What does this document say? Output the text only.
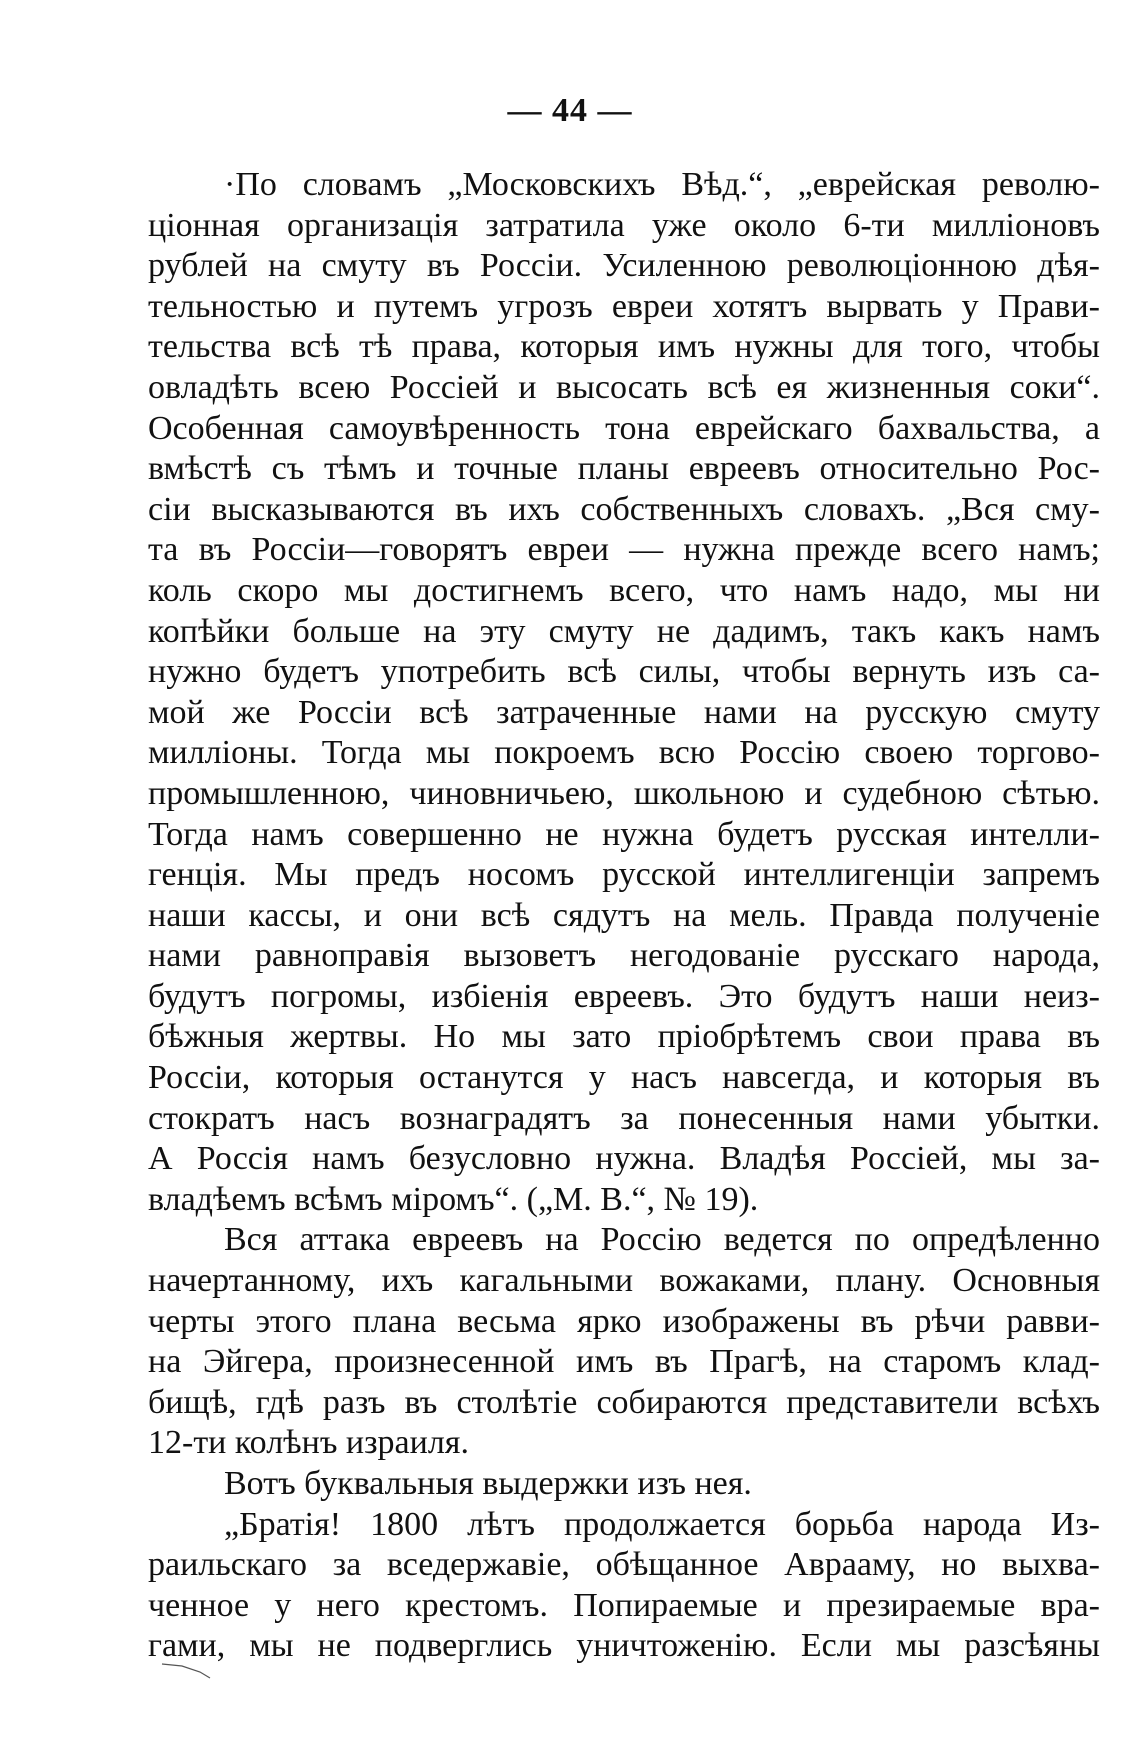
— 44 —
·По словамъ „Московскихъ Вѣд.“, „еврейская револю-
ціонная организація затратила уже около 6-ти милліоновъ
рублей на смуту въ Россіи. Усиленною революціонною дѣя-
тельностью и путемъ угрозъ евреи хотятъ вырвать у Прави-
тельства всѣ тѣ права, которыя имъ нужны для того, чтобы
овладѣть всею Россіей и высосать всѣ ея жизненныя соки“.
Особенная самоувѣренность тона еврейскаго бахвальства, а
вмѣстѣ съ тѣмъ и точные планы евреевъ относительно Рос-
сіи высказываются въ ихъ собственныхъ словахъ. „Вся сму-
та въ Россіи—говорятъ евреи — нужна прежде всего намъ;
коль скоро мы достигнемъ всего, что намъ надо, мы ни
копѣйки больше на эту смуту не дадимъ, такъ какъ намъ
нужно будетъ употребить всѣ силы, чтобы вернуть изъ са-
мой же Россіи всѣ затраченные нами на русскую смуту
милліоны. Тогда мы покроемъ всю Россію своею торгово-
промышленною, чиновничьею, школьною и судебною сѣтью.
Тогда намъ совершенно не нужна будетъ русская интелли-
генція. Мы предъ носомъ русской интеллигенціи запремъ
наши кассы, и они всѣ сядутъ на мель. Правда полученіе
нами равноправія вызоветъ негодованіе русскаго народа,
будутъ погромы, избіенія евреевъ. Это будутъ наши неиз-
бѣжныя жертвы. Но мы зато пріобрѣтемъ свои права въ
Россіи, которыя останутся у насъ навсегда, и которыя въ
стократъ насъ вознаградятъ за понесенныя нами убытки.
А Россія намъ безусловно нужна. Владѣя Россіей, мы за-
владѣемъ всѣмъ міромъ“. („М. В.“, № 19).
Вся аттака евреевъ на Россію ведется по опредѣленно
начертанному, ихъ кагальными вожаками, плану. Основныя
черты этого плана весьма ярко изображены въ рѣчи равви-
на Эйгера, произнесенной имъ въ Прагѣ, на старомъ клад-
бищѣ, гдѣ разъ въ столѣтіе собираются представители всѣхъ
12-ти колѣнъ израиля.
Вотъ буквальныя выдержки изъ нея.
„Братія! 1800 лѣтъ продолжается борьба народа Из-
раильскаго за вседержавіе, обѣщанное Аврааму, но выхва-
ченное у него крестомъ. Попираемые и презираемые вра-
гами, мы не подверглись уничтоженію. Если мы разсѣяны
